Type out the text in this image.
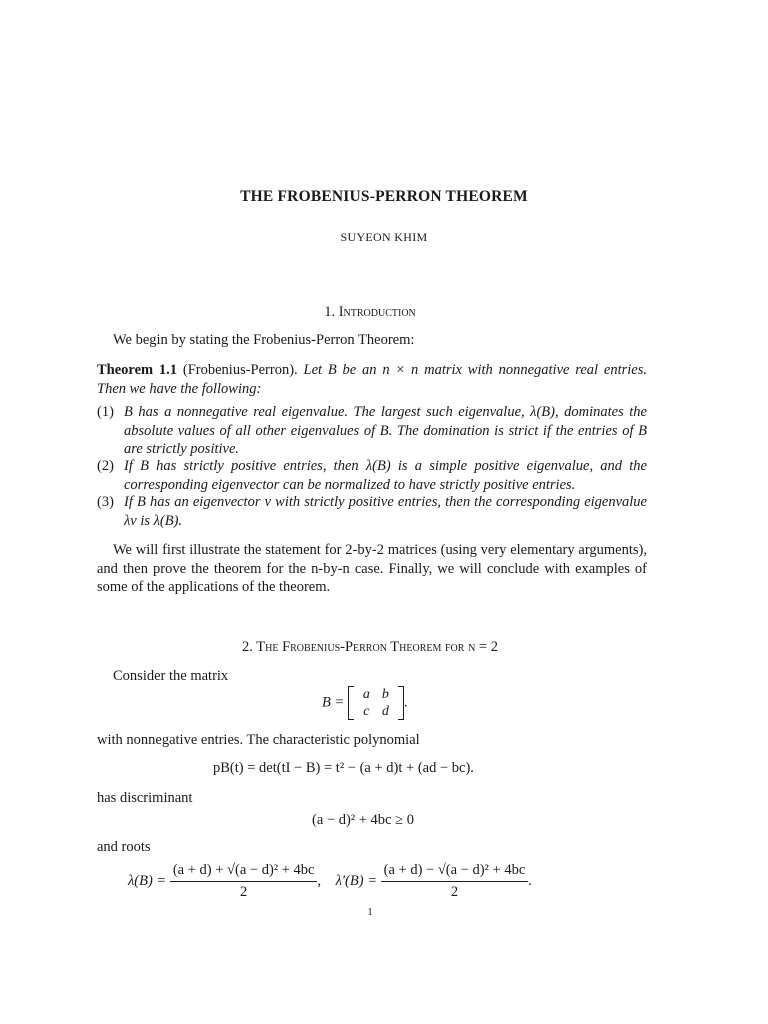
THE FROBENIUS-PERRON THEOREM
SUYEON KHIM
1. Introduction
We begin by stating the Frobenius-Perron Theorem:
Theorem 1.1 (Frobenius-Perron). Let B be an n × n matrix with nonnegative real entries. Then we have the following:
(1) B has a nonnegative real eigenvalue. The largest such eigenvalue, λ(B), dominates the absolute values of all other eigenvalues of B. The domination is strict if the entries of B are strictly positive.
(2) If B has strictly positive entries, then λ(B) is a simple positive eigenvalue, and the corresponding eigenvector can be normalized to have strictly positive entries.
(3) If B has an eigenvector v with strictly positive entries, then the corresponding eigenvalue λv is λ(B).
We will first illustrate the statement for 2-by-2 matrices (using very elementary arguments), and then prove the theorem for the n-by-n case. Finally, we will conclude with examples of some of the applications of the theorem.
2. The Frobenius-Perron Theorem for n = 2
Consider the matrix
B = a	b
c	d
.
with nonnegative entries. The characteristic polynomial
pB(t) = det(tI − B) = t² − (a + d)t + (ad − bc).
has discriminant
(a − d)² + 4bc ≥ 0
and roots
$\lambda(B) = \frac{\text{(a + d) + √(a − d)² + 4bc}}{2}$ ,    $\lambda'(B) = \frac{\text{(a + d) − √(a − d)² + 4bc}}{2}$ .
1
